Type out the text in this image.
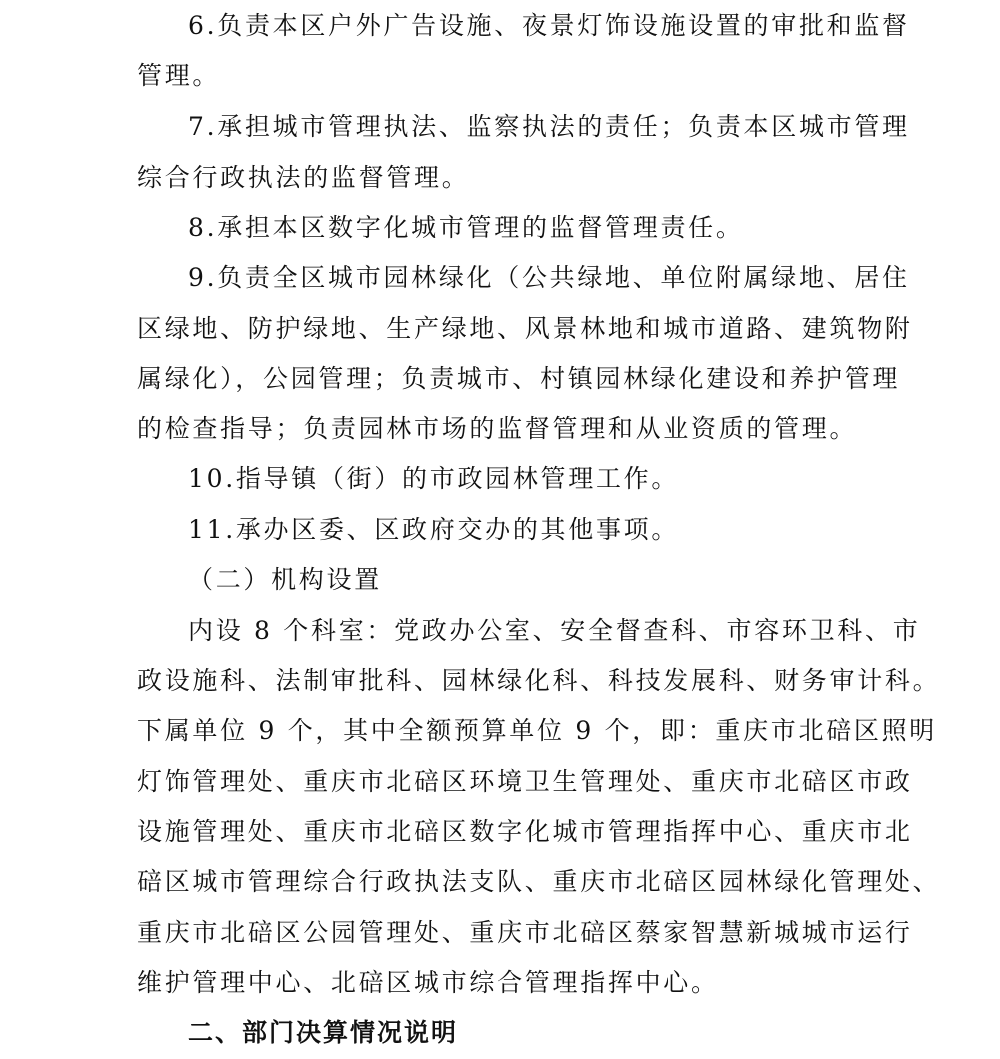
6.负责本区户外广告设施、夜景灯饰设施设置的审批和监督
管理。
7.承担城市管理执法、监察执法的责任；负责本区城市管理
综合行政执法的监督管理。
8.承担本区数字化城市管理的监督管理责任。
9.负责全区城市园林绿化（公共绿地、单位附属绿地、居住
区绿地、防护绿地、生产绿地、风景林地和城市道路、建筑物附
属绿化），公园管理；负责城市、村镇园林绿化建设和养护管理
的检查指导；负责园林市场的监督管理和从业资质的管理。
10.指导镇（街）的市政园林管理工作。
11.承办区委、区政府交办的其他事项。
（二）机构设置
内设 8 个科室：党政办公室、安全督查科、市容环卫科、市
政设施科、法制审批科、园林绿化科、科技发展科、财务审计科。
下属单位 9 个，其中全额预算单位 9 个，即：重庆市北碚区照明
灯饰管理处、重庆市北碚区环境卫生管理处、重庆市北碚区市政
设施管理处、重庆市北碚区数字化城市管理指挥中心、重庆市北
碚区城市管理综合行政执法支队、重庆市北碚区园林绿化管理处、
重庆市北碚区公园管理处、重庆市北碚区蔡家智慧新城城市运行
维护管理中心、北碚区城市综合管理指挥中心。
二、部门决算情况说明
